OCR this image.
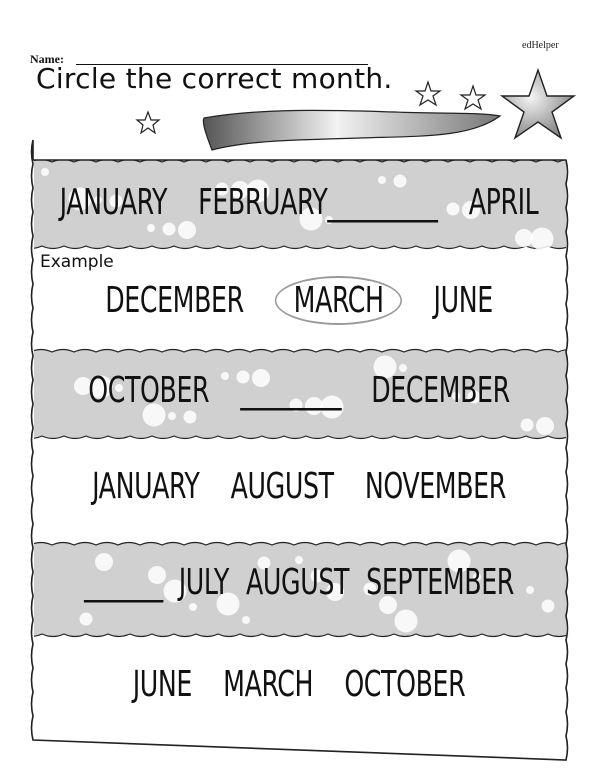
Name:
edHelper
Circle the correct month.
Example
JANUARY FEBRUARY_________ APRIL
DECEMBER	MARCH	JUNE
OCTOBER _________ DECEMBER
JANUARY AUGUST NOVEMBER
_______ JULY AUGUST SEPTEMBER
JUNE MARCH OCTOBER
